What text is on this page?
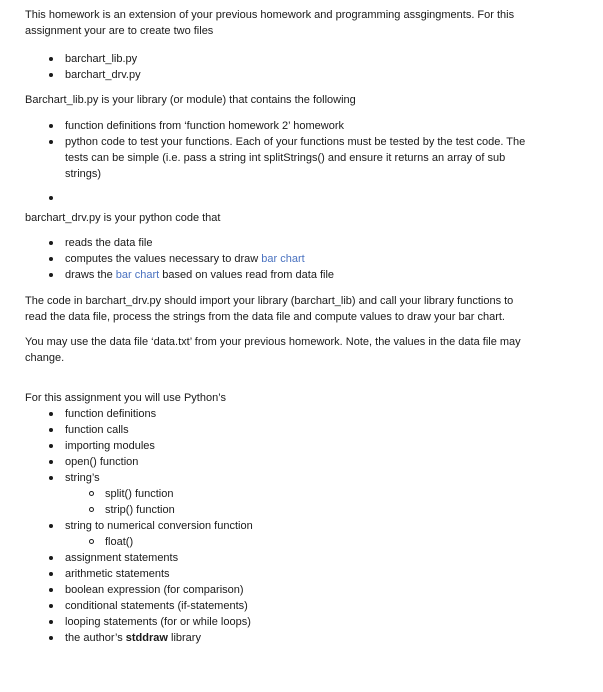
This homework is an extension of your previous homework and programming assgingments. For this

assignment your are to create two files

barchart_lib.py
barchart_drv.py

Barchart_lib.py is your library (or module) that contains the following

function definitions from ‘function homework 2’ homework

python code to test your functions. Each of your functions must be tested by the test code. The

tests can be simple (i.e. pass a string int splitStrings() and ensure it returns an array of sub

strings)

barchart_drv.py is your python code that

reads the data file
computes the values necessary to draw bar chart
draws the bar chart based on values read from data file

The code in barchart_drv.py should import your library (barchart_lib) and call your library functions to

read the data file, process the strings from the data file and compute values to draw your bar chart.

You may use the data file ‘data.txt’ from your previous homework. Note, the values in the data file may

change.

For this assignment you will use Python’s

function definitions
function calls
importing modules
open() function
string’s
split() function
strip() function
string to numerical conversion function
float()
assignment statements
arithmetic statements
boolean expression (for comparison)
conditional statements (if-statements)
looping statements (for or while loops)
the author’s stddraw library
